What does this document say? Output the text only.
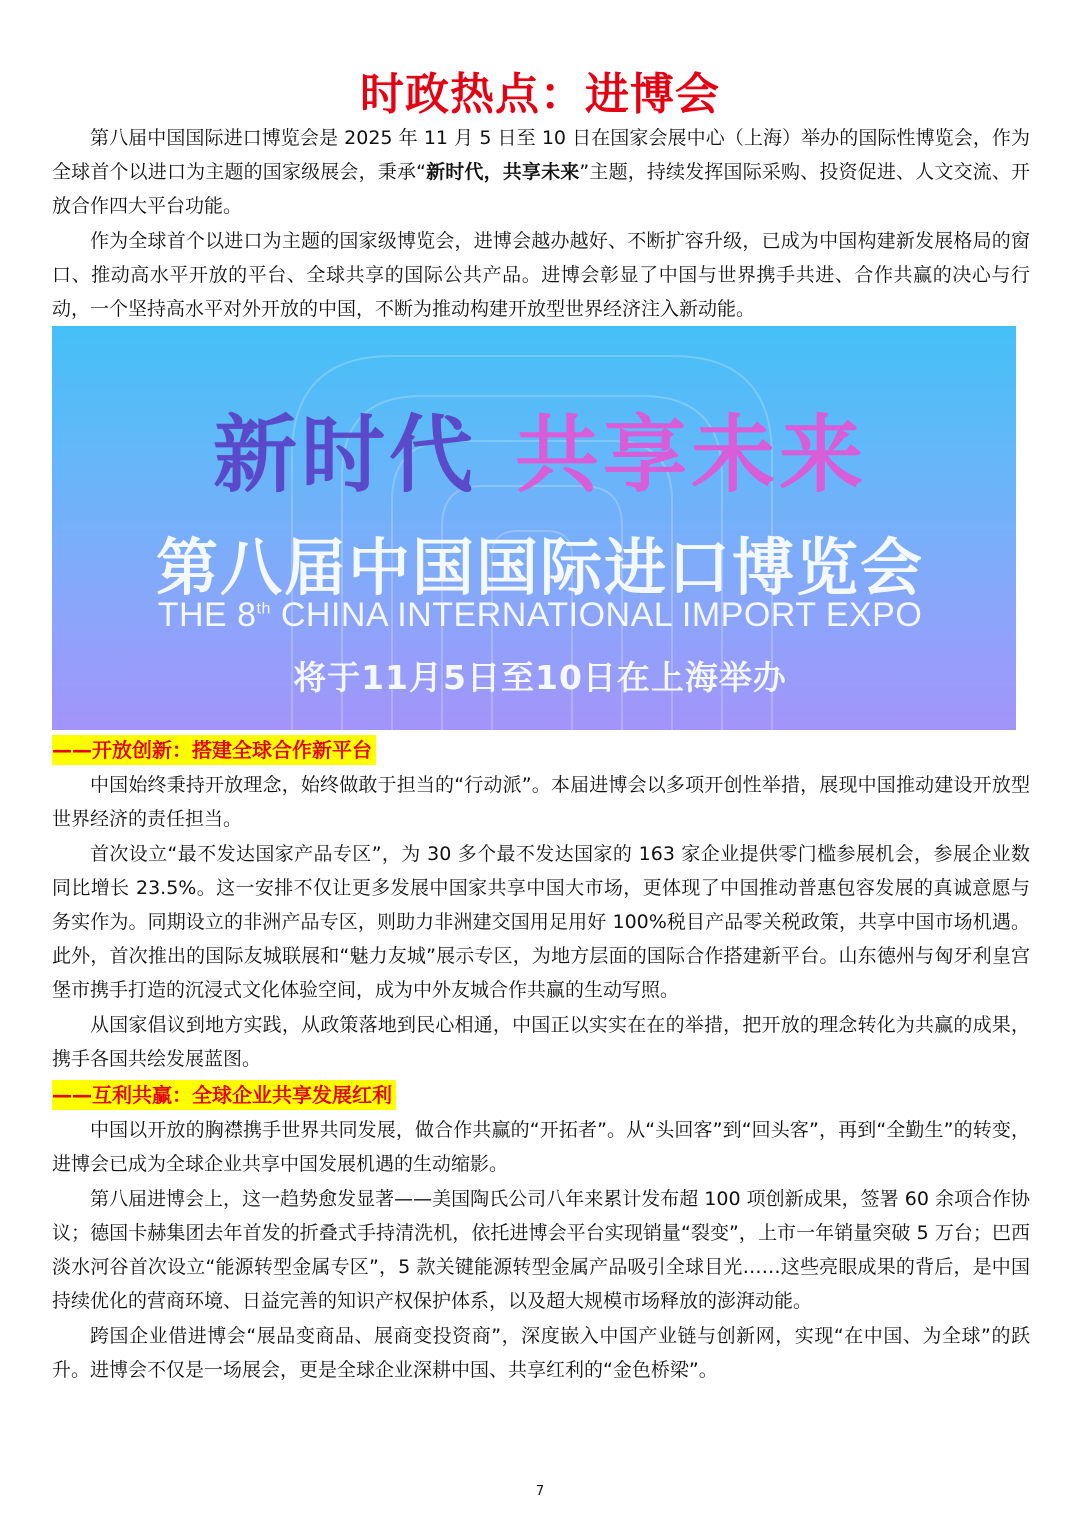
时政热点：进博会

第八届中国国际进口博览会是 2025 年 11 月 5 日至 10 日在国家会展中心（上海）举办的国际性博览会，作为全球首个以进口为主题的国家级展会，秉承“新时代，共享未来”主题，持续发挥国际采购、投资促进、人文交流、开放合作四大平台功能。

作为全球首个以进口为主题的国家级博览会，进博会越办越好、不断扩容升级，已成为中国构建新发展格局的窗口、推动高水平开放的平台、全球共享的国际公共产品。进博会彰显了中国与世界携手共进、合作共赢的决心与行动，一个坚持高水平对外开放的中国，不断为推动构建开放型世界经济注入新动能。

新时代 共享未来
第八届中国国际进口博览会
THE 8th CHINA INTERNATIONAL IMPORT EXPO
将于11月5日至10日在上海举办
——开放创新：搭建全球合作新平台

中国始终秉持开放理念，始终做敢于担当的“行动派”。本届进博会以多项开创性举措，展现中国推动建设开放型世界经济的责任担当。

首次设立“最不发达国家产品专区”，为 30 多个最不发达国家的 163 家企业提供零门槛参展机会，参展企业数同比增长 23.5%。这一安排不仅让更多发展中国家共享中国大市场，更体现了中国推动普惠包容发展的真诚意愿与务实作为。同期设立的非洲产品专区，则助力非洲建交国用足用好 100%税目产品零关税政策，共享中国市场机遇。此外，首次推出的国际友城联展和“魅力友城”展示专区，为地方层面的国际合作搭建新平台。山东德州与匈牙利皇宫堡市携手打造的沉浸式文化体验空间，成为中外友城合作共赢的生动写照。

从国家倡议到地方实践，从政策落地到民心相通，中国正以实实在在的举措，把开放的理念转化为共赢的成果，携手各国共绘发展蓝图。

——互利共赢：全球企业共享发展红利

中国以开放的胸襟携手世界共同发展，做合作共赢的“开拓者”。从“头回客”到“回头客”，再到“全勤生”的转变，进博会已成为全球企业共享中国发展机遇的生动缩影。

第八届进博会上，这一趋势愈发显著——美国陶氏公司八年来累计发布超 100 项创新成果，签署 60 余项合作协议；德国卡赫集团去年首发的折叠式手持清洗机，依托进博会平台实现销量“裂变”，上市一年销量突破 5 万台；巴西淡水河谷首次设立“能源转型金属专区”，5 款关键能源转型金属产品吸引全球目光……这些亮眼成果的背后，是中国持续优化的营商环境、日益完善的知识产权保护体系，以及超大规模市场释放的澎湃动能。

跨国企业借进博会“展品变商品、展商变投资商”，深度嵌入中国产业链与创新网，实现“在中国、为全球”的跃升。进博会不仅是一场展会，更是全球企业深耕中国、共享红利的“金色桥梁”。

7
